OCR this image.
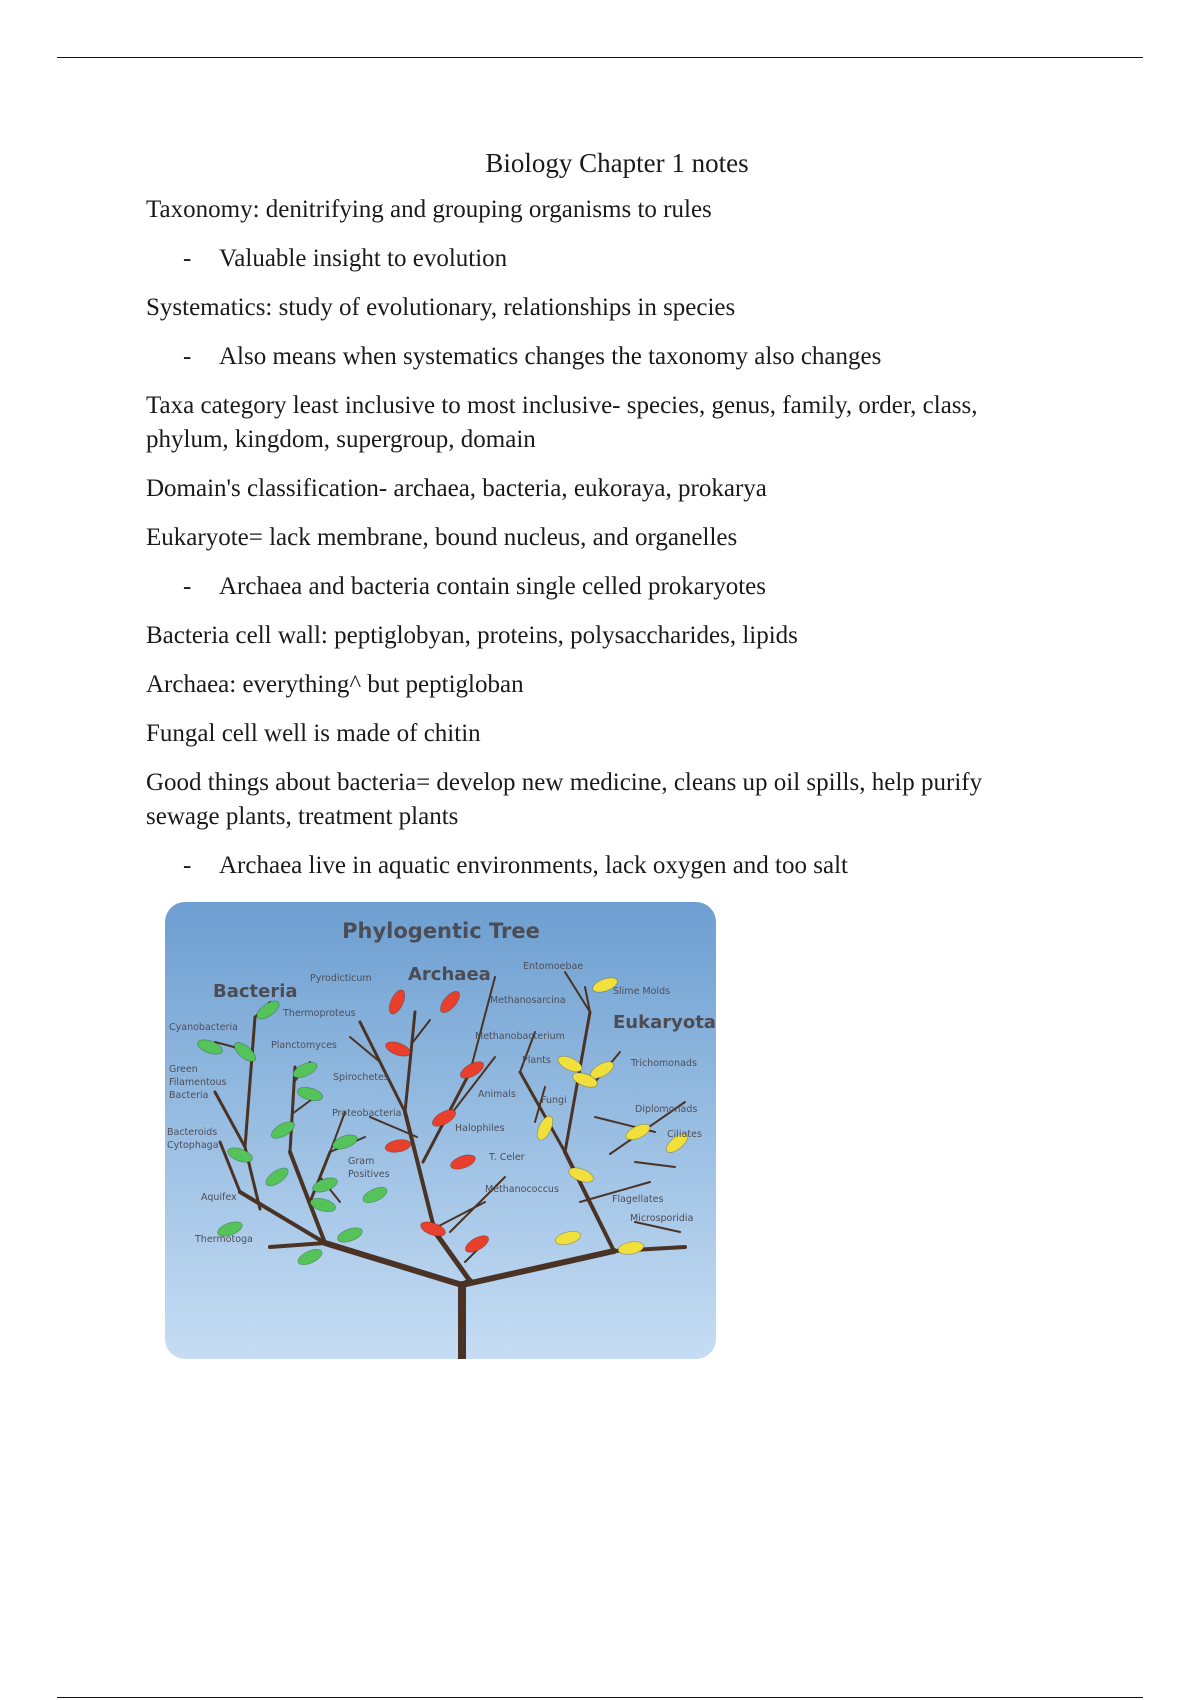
Biology Chapter 1 notes

Taxonomy: denitrifying and grouping organisms to rules

-	Valuable insight to evolution

Systematics: study of evolutionary, relationships in species

-	Also means when systematics changes the taxonomy also changes

Taxa category least inclusive to most inclusive- species, genus, family, order, class,
phylum, kingdom, supergroup, domain

Domain's classification- archaea, bacteria, eukoraya, prokarya

Eukaryote= lack membrane, bound nucleus, and organelles

-	Archaea and bacteria contain single celled prokaryotes

Bacteria cell wall: peptiglobyan, proteins, polysaccharides, lipids

Archaea: everything^ but peptigloban

Fungal cell well is made of chitin

Good things about bacteria= develop new medicine, cleans up oil spills, help purify
sewage plants, treatment plants

-	Archaea live in aquatic environments, lack oxygen and too salt
Phylogentic Tree
Bacteria
Archaea
Eukaryota
Cyanobacteria
Green
Filamentous
Bacteria
Bacteroids
Cytophaga
Aquifex
Thermotoga
Thermoproteus
Planctomyces
Spirochetes
Proteobacteria
Gram
Positives
Pyrodicticum
Methanosarcina
Methanobacterium
Halophiles
T. Celer
Methanococcus
Entomoebae
Slime Molds
Plants
Animals
Fungi
Trichomonads
Diplomonads
Ciliates
Flagellates
Microsporidia
